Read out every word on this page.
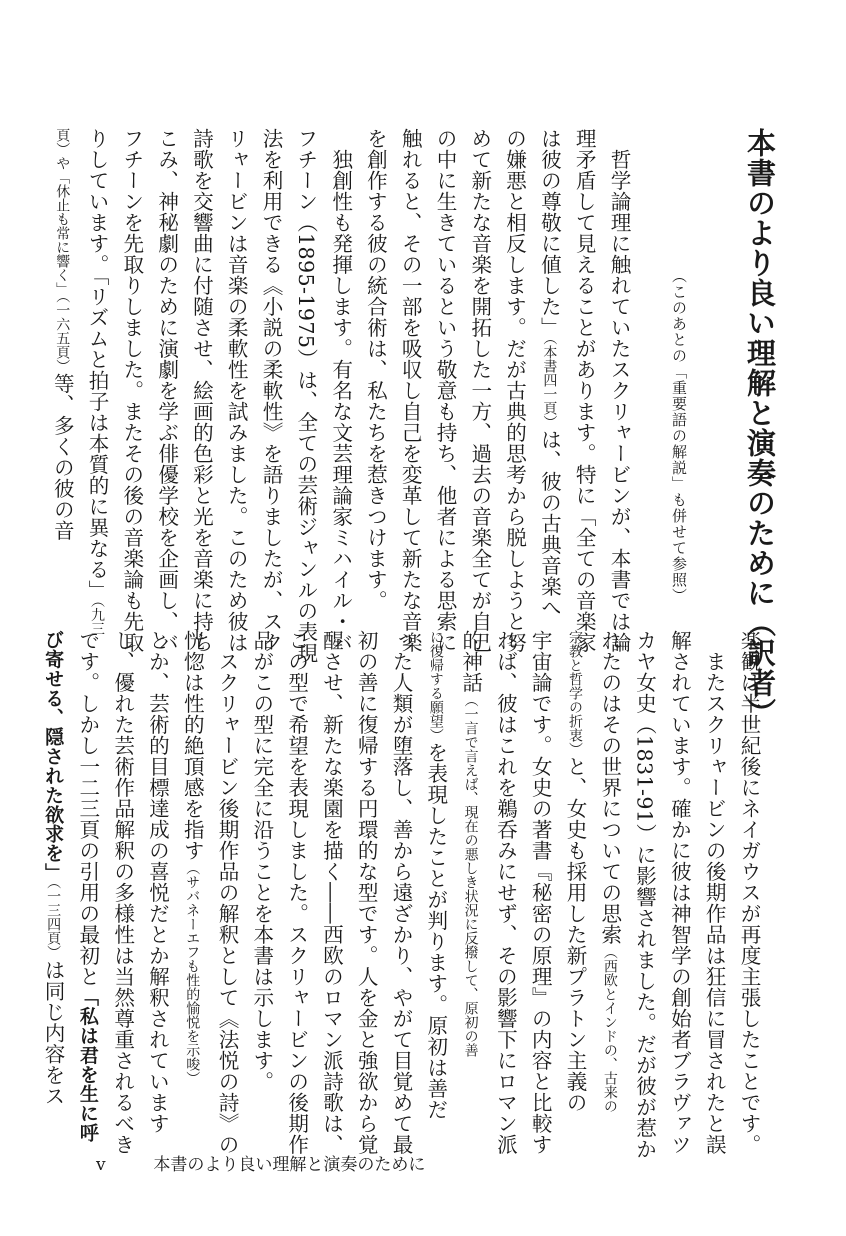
本書のより良い理解と演奏のために（訳者）
（このあとの「重要語の解説」も併せて参照）
　哲学論理に触れていたスクリャービンが、本書では論
理矛盾して見えることがあります。特に「全ての音楽家
は彼の尊敬に値した」（本書四一頁）は、彼の古典音楽へ
の嫌悪と相反します。だが古典的思考から脱しようと努
めて新たな音楽を開拓した一方、過去の音楽全てが自己
の中に生きているという敬意も持ち、他者による思索に
触れると、その一部を吸収し自己を変革して新たな音楽
を創作する彼の統合術は、私たちを惹きつけます。
　独創性も発揮します。有名な文芸理論家ミハイル・バ
フチーン（1895-1975）は、全ての芸術ジャンルの表現
法を利用できる《小説の柔軟性》を語りましたが、スク
リャービンは音楽の柔軟性を試みました。このため彼は
詩歌を交響曲に付随させ、絵画的色彩と光を音楽に持ち
こみ、神秘劇のために演劇を学ぶ俳優学校を企画し、バ
フチーンを先取りしました。またその後の音楽論も先取
りしています。「リズムと拍子は本質的に異なる」（九三
頁）や「休止も常に響く」（一六五頁）等、多くの彼の音
楽観は半世紀後にネイガウスが再度主張したことです。
　またスクリャービンの後期作品は狂信に冒されたと誤
解されています。確かに彼は神智学の創始者ブラヴァツ
カヤ女史（1831-91）に影響されました。だが彼が惹か
れたのはその世界についての思索（西欧とインドの、古来の
宗教と哲学の折衷）と、女史も採用した新プラトン主義の
宇宙論です。女史の著書『秘密の原理』の内容と比較す
れば、彼はこれを鵜呑みにせず、その影響下にロマン派
的神話（一言で言えば、現在の悪しき状況に反撥して、原初の善
に復帰する願望）を表現したことが判ります。原初は善だ
った人類が堕落し、善から遠ざかり、やがて目覚めて最
初の善に復帰する円環的な型です。人を金と強欲から覚
醒させ、新たな楽園を描く――西欧のロマン派詩歌は、
この型で希望を表現しました。スクリャービンの後期作
品がこの型に完全に沿うことを本書は示します。
　スクリャービン後期作品の解釈として《法悦の詩》の
恍惚は性的絶頂感を指す（サバネーエフも性的愉悦を示唆）
とか、芸術的目標達成の喜悦だとか解釈されています
し、優れた芸術作品解釈の多様性は当然尊重されるべき
です。しかし一二三頁の引用の最初と「私は君を生に呼
び寄せる、隠された欲求を」（一三四頁）は同じ内容をス
v	本書のより良い理解と演奏のために
